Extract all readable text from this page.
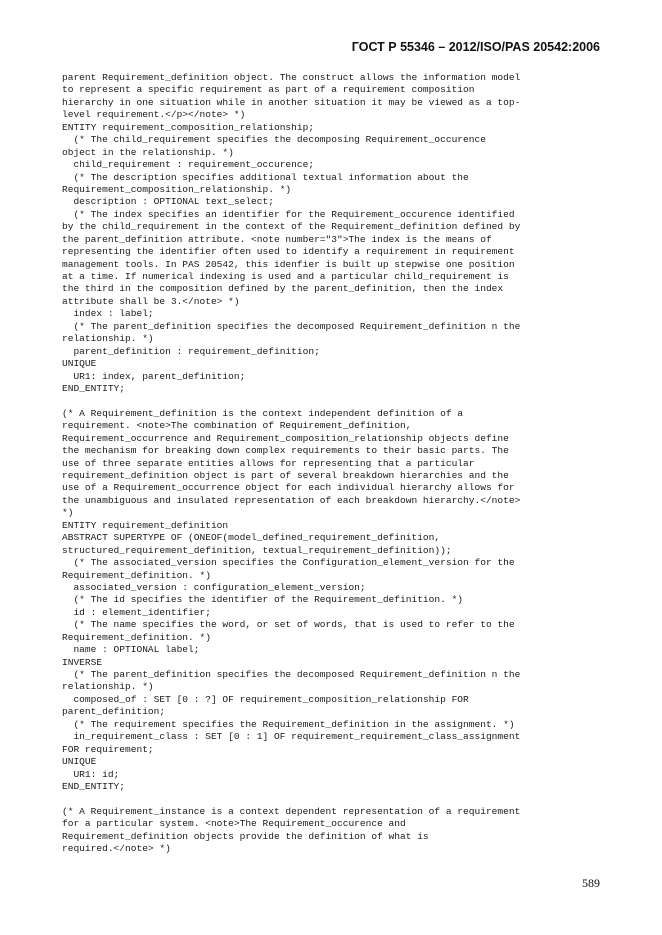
ГОСТ Р 55346 – 2012/ISO/PAS 20542:2006
parent Requirement_definition object. The construct allows the information model
to represent a specific requirement as part of a requirement composition
hierarchy in one situation while in another situation it may be viewed as a top-
level requirement.</p></note> *)
ENTITY requirement_composition_relationship;
(* The child_requirement specifies the decomposing Requirement_occurence
object in the relationship. *)
child_requirement : requirement_occurence;
(* The description specifies additional textual information about the
Requirement_composition_relationship. *)
description : OPTIONAL text_select;
(* The index specifies an identifier for the Requirement_occurence identified
by the child_requirement in the context of the Requirement_definition defined by
the parent_definition attribute. <note number="3">The index is the means of
representing the identifier often used to identify a requirement in requirement
management tools. In PAS 20542, this idenfier is built up stepwise one position
at a time. If numerical indexing is used and a particular child_requirement is
the third in the composition defined by the parent_definition, then the index
attribute shall be 3.</note> *)
index : label;
(* The parent_definition specifies the decomposed Requirement_definition n the
relationship. *)
parent_definition : requirement_definition;
UNIQUE
UR1: index, parent_definition;
END_ENTITY;
(* A Requirement_definition is the context independent definition of a
requirement. <note>The combination of Requirement_definition,
Requirement_occurrence and Requirement_composition_relationship objects define
the mechanism for breaking down complex requirements to their basic parts. The
use of three separate entities allows for representing that a particular
requirement_definition object is part of several breakdown hierarchies and the
use of a Requirement_occurrence object for each individual hierarchy allows for
the unambiguous and insulated representation of each breakdown hierarchy.</note>
*)
ENTITY requirement_definition
ABSTRACT SUPERTYPE OF (ONEOF(model_defined_requirement_definition,
structured_requirement_definition, textual_requirement_definition));
(* The associated_version specifies the Configuration_element_version for the
Requirement_definition. *)
associated_version : configuration_element_version;
(* The id specifies the identifier of the Requirement_definition. *)
id : element_identifier;
(* The name specifies the word, or set of words, that is used to refer to the
Requirement_definition. *)
name : OPTIONAL label;
INVERSE
(* The parent_definition specifies the decomposed Requirement_definition n the
relationship. *)
composed_of : SET [0 : ?] OF requirement_composition_relationship FOR
parent_definition;
(* The requirement specifies the Requirement_definition in the assignment. *)
in_requirement_class : SET [0 : 1] OF requirement_requirement_class_assignment
FOR requirement;
UNIQUE
UR1: id;
END_ENTITY;
(* A Requirement_instance is a context dependent representation of a requirement
for a particular system. <note>The Requirement_occurence and
Requirement_definition objects provide the definition of what is
required.</note> *)
589
